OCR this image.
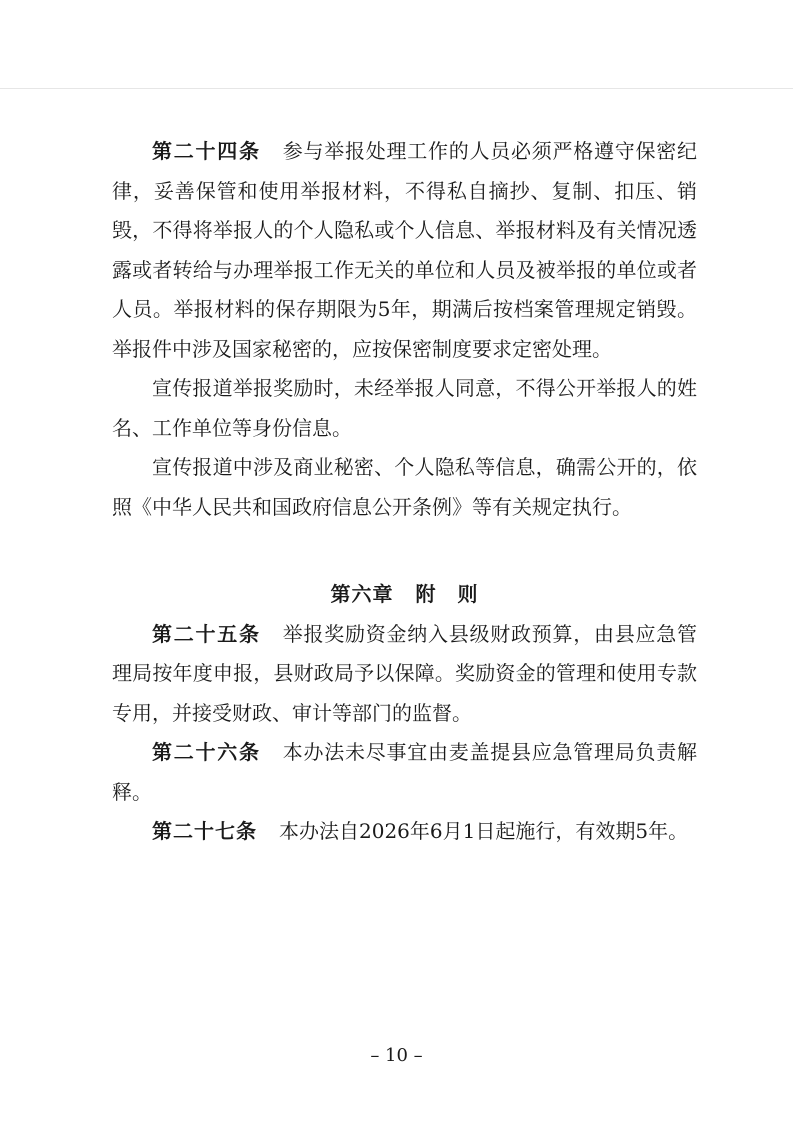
第二十四条 参与举报处理工作的人员必须严格遵守保密纪律，妥善保管和使用举报材料，不得私自摘抄、复制、扣压、销毁，不得将举报人的个人隐私或个人信息、举报材料及有关情况透露或者转给与办理举报工作无关的单位和人员及被举报的单位或者人员。举报材料的保存期限为5年，期满后按档案管理规定销毁。举报件中涉及国家秘密的，应按保密制度要求定密处理。

宣传报道举报奖励时，未经举报人同意，不得公开举报人的姓名、工作单位等身份信息。

宣传报道中涉及商业秘密、个人隐私等信息，确需公开的，依照《中华人民共和国政府信息公开条例》等有关规定执行。

第六章 附　则

第二十五条 举报奖励资金纳入县级财政预算，由县应急管理局按年度申报，县财政局予以保障。奖励资金的管理和使用专款专用，并接受财政、审计等部门的监督。

第二十六条 本办法未尽事宜由麦盖提县应急管理局负责解释。

第二十七条 本办法自2026年6月1日起施行，有效期5年。

– 10 –
